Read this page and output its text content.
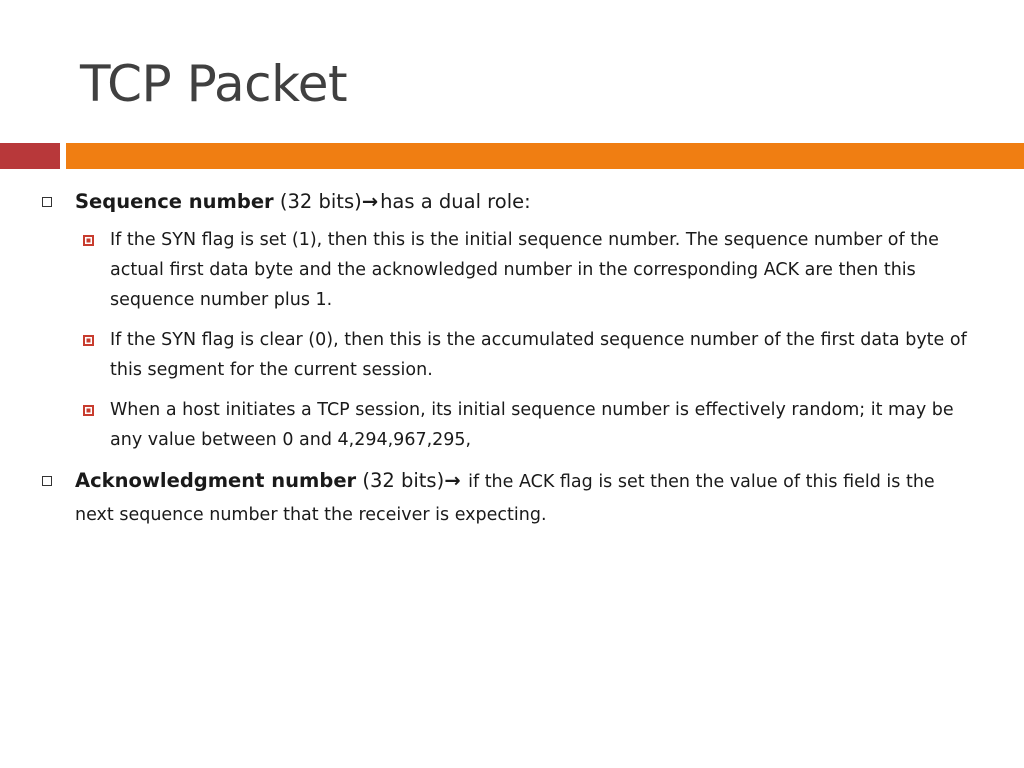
TCP Packet
Sequence number (32 bits)→ has a dual role:
If the SYN flag is set (1), then this is the initial sequence number. The sequence number of the actual first data byte and the acknowledged number in the corresponding ACK are then this sequence number plus 1.
If the SYN flag is clear (0), then this is the accumulated sequence number of the first data byte of this segment for the current session.
When a host initiates a TCP session, its initial sequence number is effectively random; it may be any value between 0 and 4,294,967,295,
Acknowledgment number (32 bits)→ if the ACK flag is set then the value of this field is the next sequence number that the receiver is expecting.
